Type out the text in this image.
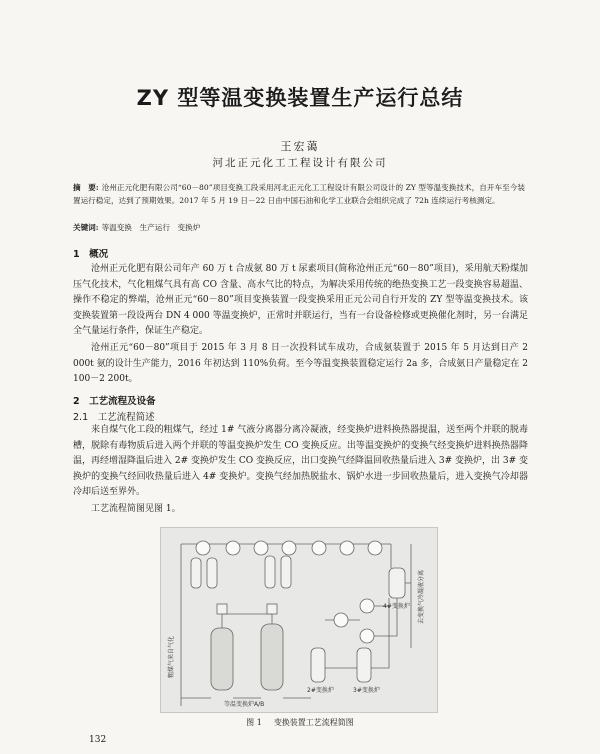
ZY 型等温变换装置生产运行总结
王宏蔼
河北正元化工工程设计有限公司

摘　要: 沧州正元化肥有限公司“60－80”项目变换工段采用河北正元化工工程设计有限公司设计的 ZY 型等温变换技术，自开车至今装置运行稳定，达到了预期效果。2017 年 5 月 19 日－22 日由中国石油和化学工业联合会组织完成了 72h 连续运行考核测定。

关键词: 等温变换　生产运行　变换炉
1　概况

沧州正元化肥有限公司年产 60 万 t 合成氨 80 万 t 尿素项目(简称沧州正元“60－80”项目)，采用航天粉煤加压气化技术，气化粗煤气具有高 CO 含量、高水气比的特点，为解决采用传统的绝热变换工艺一段变换容易超温、操作不稳定的弊端，沧州正元“60－80”项目变换装置一段变换采用正元公司自行开发的 ZY 型等温变换技术。该变换装置第一段设两台 DN 4 000 等温变换炉，正常时并联运行，当有一台设备检修或更换催化剂时，另一台满足全气量运行条件，保证生产稳定。

沧州正元“60－80”项目于 2015 年 3 月 8 日一次投料试车成功，合成氨装置于 2015 年 5 月达到日产 2 000t 氨的设计生产能力，2016 年初达到 110%负荷。至今等温变换装置稳定运行 2a 多，合成氨日产量稳定在 2 100－2 200t。

2　工艺流程及设备
2.1　工艺流程简述

来自煤气化工段的粗煤气，经过 1# 气液分离器分离冷凝液，经变换炉进料换热器提温，送至两个并联的脱毒槽，脱除有毒物质后进入两个并联的等温变换炉发生 CO 变换反应。出等温变换炉的变换气经变换炉进料换热器降温，再经增湿降温后进入 2# 变换炉发生 CO 变换反应，出口变换气经降温回收热量后进入 3# 变换炉，出 3# 变换炉的变换气经回收热量后进入 4# 变换炉。变换气经加热脱盐水、锅炉水进一步回收热量后，进入变换气冷却器冷却后送至界外。

工艺流程简图见图 1。

粗煤气来自气化
去变换气冷凝液分离
等温变换炉A/B
2#变换炉	3#变换炉
4#变换炉
图 1 变换装置工艺流程简图
132
